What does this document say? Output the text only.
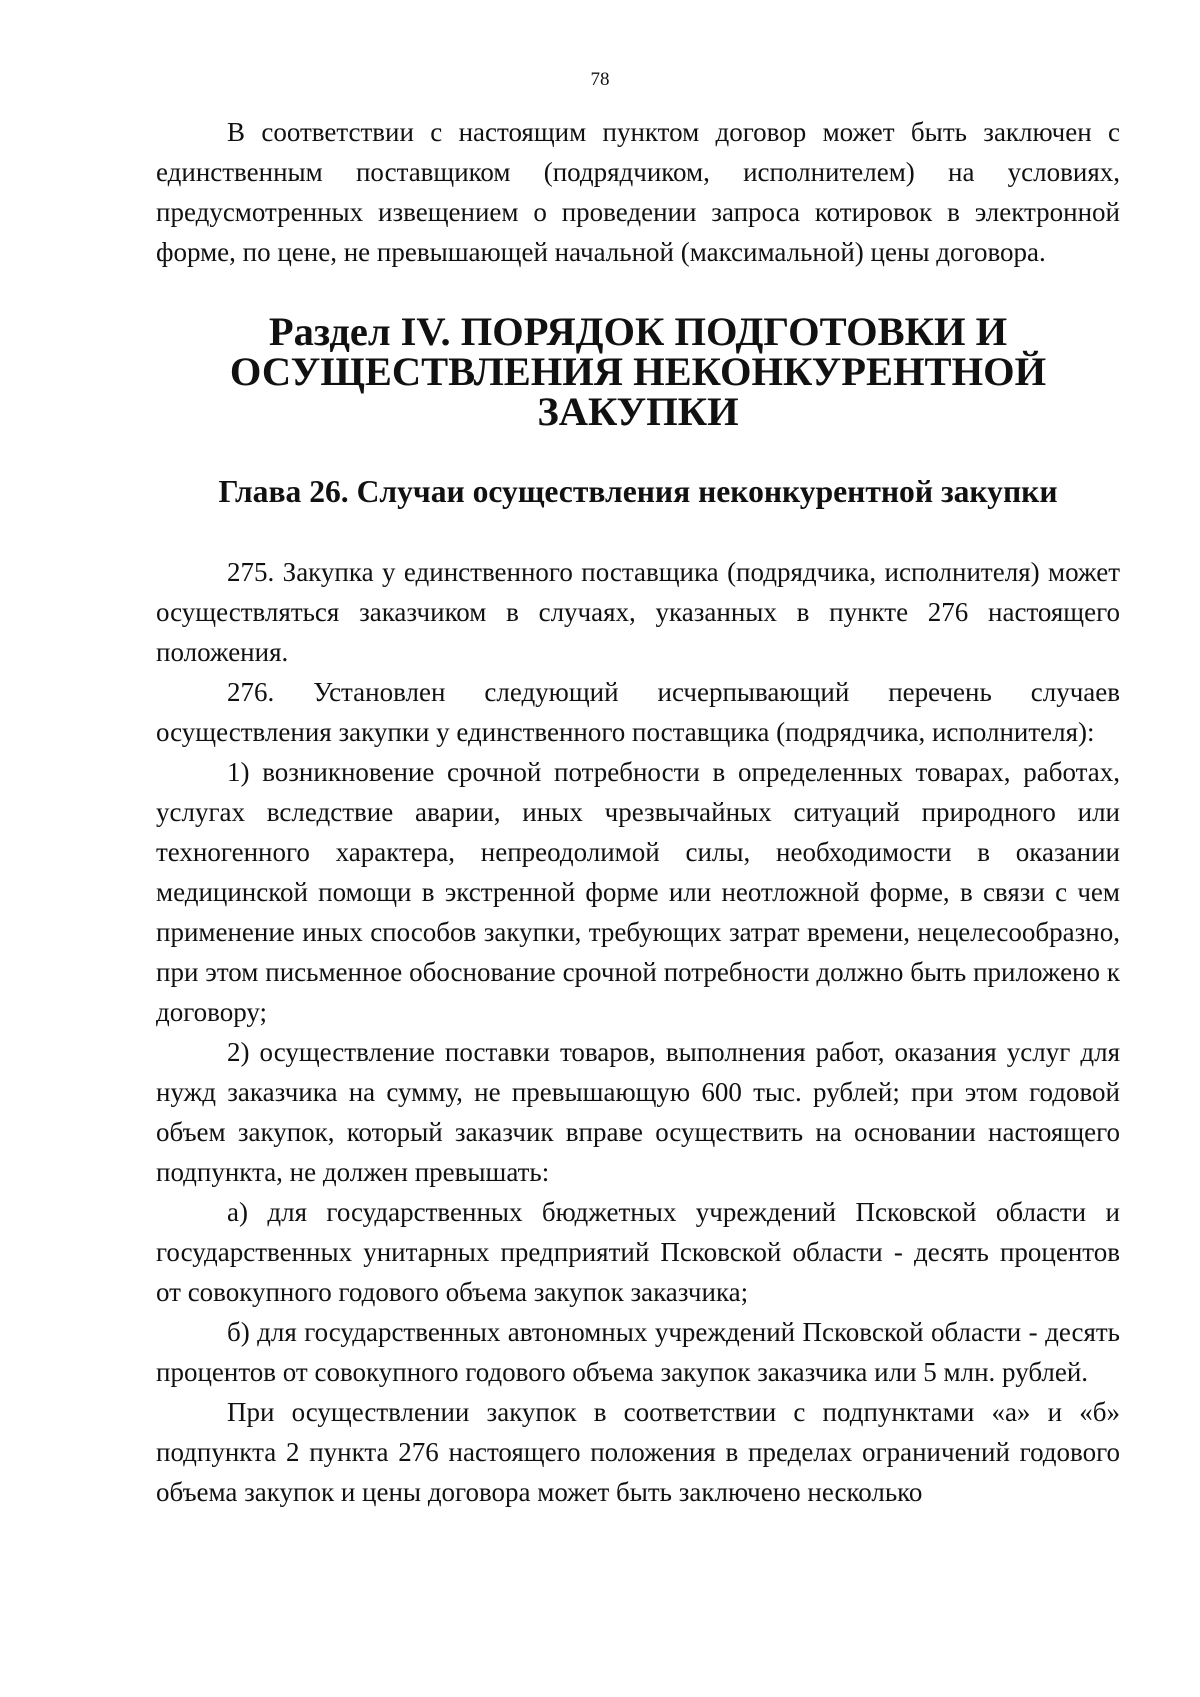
78

В соответствии с настоящим пунктом договор может быть заключен с единственным поставщиком (подрядчиком, исполнителем) на условиях, предусмотренных извещением о проведении запроса котировок в электронной форме, по цене, не превышающей начальной (максимальной) цены договора.

Раздел IV. ПОРЯДОК ПОДГОТОВКИ И
ОСУЩЕСТВЛЕНИЯ НЕКОНКУРЕНТНОЙ ЗАКУПКИ
Глава 26. Случаи осуществления неконкурентной закупки

275. Закупка у единственного поставщика (подрядчика, исполнителя) может осуществляться заказчиком в случаях, указанных в пункте 276 настоящего положения.

276. Установлен следующий исчерпывающий перечень случаев осуществления закупки у единственного поставщика (подрядчика, исполнителя):

1) возникновение срочной потребности в определенных товарах, работах, услугах вследствие аварии, иных чрезвычайных ситуаций природного или техногенного характера, непреодолимой силы, необходимости в оказании медицинской помощи в экстренной форме или неотложной форме, в связи с чем применение иных способов закупки, требующих затрат времени, нецелесообразно, при этом письменное обоснование срочной потребности должно быть приложено к договору;

2) осуществление поставки товаров, выполнения работ, оказания услуг для нужд заказчика на сумму, не превышающую 600 тыс. рублей; при этом годовой объем закупок, который заказчик вправе осуществить на основании настоящего подпункта, не должен превышать:

а) для государственных бюджетных учреждений Псковской области и государственных унитарных предприятий Псковской области - десять процентов от совокупного годового объема закупок заказчика;

б) для государственных автономных учреждений Псковской области - десять процентов от совокупного годового объема закупок заказчика или 5 млн. рублей.

При осуществлении закупок в соответствии с подпунктами «а» и «б» подпункта 2 пункта 276 настоящего положения в пределах ограничений годового объема закупок и цены договора может быть заключено несколько
